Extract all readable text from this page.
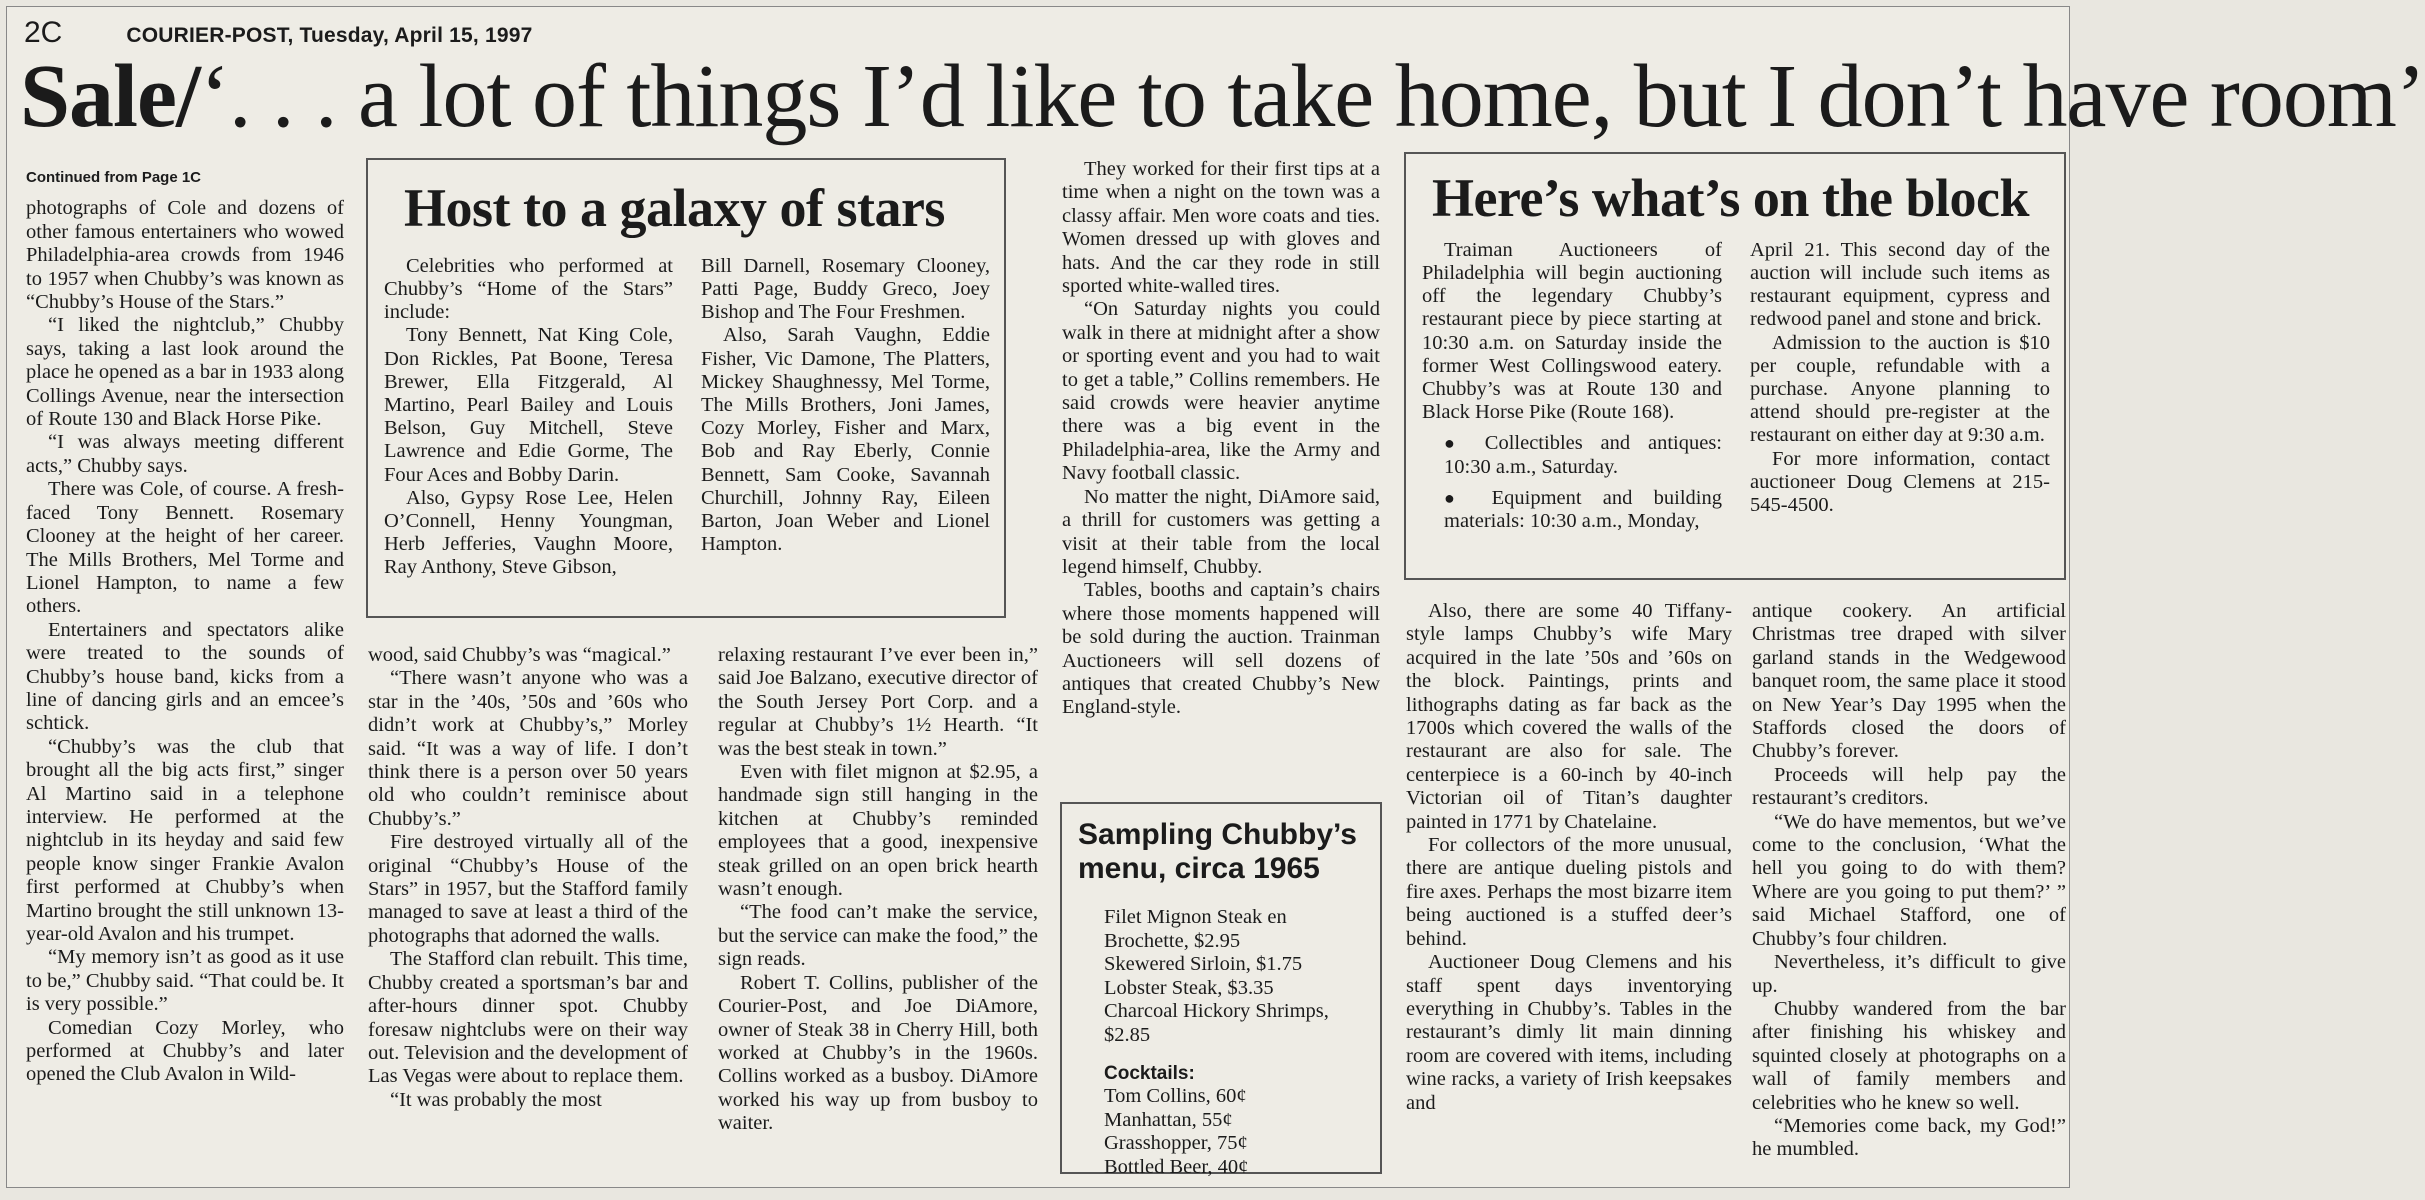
2C	COURIER-POST, Tuesday, April 15, 1997
Sale/‘. . . a lot of things I’d like to take home, but I don’t have room’
Continued from Page 1C

photographs of Cole and dozens of other famous entertainers who wowed Philadelphia-area crowds from 1946 to 1957 when Chubby’s was known as “Chubby’s House of the Stars.”

“I liked the nightclub,” Chubby says, taking a last look around the place he opened as a bar in 1933 along Collings Avenue, near the intersection of Route 130 and Black Horse Pike.

“I was always meeting different acts,” Chubby says.

There was Cole, of course. A fresh-faced Tony Bennett. Rosemary Clooney at the height of her career. The Mills Brothers, Mel Torme and Lionel Hampton, to name a few others.

Entertainers and spectators alike were treated to the sounds of Chubby’s house band, kicks from a line of dancing girls and an emcee’s schtick.

“Chubby’s was the club that brought all the big acts first,” singer Al Martino said in a telephone interview. He performed at the nightclub in its heyday and said few people know singer Frankie Avalon first performed at Chubby’s when Martino brought the still unknown 13-year-old Avalon and his trumpet.

“My memory isn’t as good as it use to be,” Chubby said. “That could be. It is very possible.”

Comedian Cozy Morley, who performed at Chubby’s and later opened the Club Avalon in Wild-

Host to a galaxy of stars

Celebrities who performed at Chubby’s “Home of the Stars” include:

Tony Bennett, Nat King Cole, Don Rickles, Pat Boone, Teresa Brewer, Ella Fitzgerald, Al Martino, Pearl Bailey and Louis Belson, Guy Mitchell, Steve Lawrence and Edie Gorme, The Four Aces and Bobby Darin.

Also, Gypsy Rose Lee, Helen O’Connell, Henny Youngman, Herb Jefferies, Vaughn Moore, Ray Anthony, Steve Gibson,

Bill Darnell, Rosemary Clooney, Patti Page, Buddy Greco, Joey Bishop and The Four Freshmen.

Also, Sarah Vaughn, Eddie Fisher, Vic Damone, The Platters, Mickey Shaughnessy, Mel Torme, The Mills Brothers, Joni James, Cozy Morley, Fisher and Marx, Bob and Ray Eberly, Connie Bennett, Sam Cooke, Savannah Churchill, Johnny Ray, Eileen Barton, Joan Weber and Lionel Hampton.

wood, said Chubby’s was “magical.”

“There wasn’t anyone who was a star in the ’40s, ’50s and ’60s who didn’t work at Chubby’s,” Morley said. “It was a way of life. I don’t think there is a person over 50 years old who couldn’t reminisce about Chubby’s.”

Fire destroyed virtually all of the original “Chubby’s House of the Stars” in 1957, but the Stafford family managed to save at least a third of the photographs that adorned the walls.

The Stafford clan rebuilt. This time, Chubby created a sportsman’s bar and after-hours dinner spot. Chubby foresaw nightclubs were on their way out. Television and the development of Las Vegas were about to replace them.

“It was probably the most

relaxing restaurant I’ve ever been in,” said Joe Balzano, executive director of the South Jersey Port Corp. and a regular at Chubby’s 1½ Hearth. “It was the best steak in town.”

Even with filet mignon at $2.95, a handmade sign still hanging in the kitchen at Chubby’s reminded employees that a good, inexpensive steak grilled on an open brick hearth wasn’t enough.

“The food can’t make the service, but the service can make the food,” the sign reads.

Robert T. Collins, publisher of the Courier-Post, and Joe DiAmore, owner of Steak 38 in Cherry Hill, both worked at Chubby’s in the 1960s. Collins worked as a busboy. DiAmore worked his way up from busboy to waiter.

They worked for their first tips at a time when a night on the town was a classy affair. Men wore coats and ties. Women dressed up with gloves and hats. And the car they rode in still sported white-walled tires.

“On Saturday nights you could walk in there at midnight after a show or sporting event and you had to wait to get a table,” Collins remembers. He said crowds were heavier anytime there was a big event in the Philadelphia-area, like the Army and Navy football classic.

No matter the night, DiAmore said, a thrill for customers was getting a visit at their table from the local legend himself, Chubby.

Tables, booths and captain’s chairs where those moments happened will be sold during the auction. Trainman Auctioneers will sell dozens of antiques that created Chubby’s New England-style.

Sampling Chubby’s menu, circa 1965
Filet Mignon Steak en Brochette, $2.95
Skewered Sirloin, $1.75
Lobster Steak, $3.35
Charcoal Hickory Shrimps, $2.85
Cocktails:
Tom Collins, 60¢
Manhattan, 55¢
Grasshopper, 75¢
Bottled Beer, 40¢
Here’s what’s on the block

Traiman Auctioneers of Philadelphia will begin auctioning off the legendary Chubby’s restaurant piece by piece starting at 10:30 a.m. on Saturday inside the former West Collingswood eatery. Chubby’s was at Route 130 and Black Horse Pike (Route 168).

● Collectibles and antiques: 10:30 a.m., Saturday.

● Equipment and building materials: 10:30 a.m., Monday,

April 21. This second day of the auction will include such items as restaurant equipment, cypress and redwood panel and stone and brick.

Admission to the auction is $10 per couple, refundable with a purchase. Anyone planning to attend should pre-register at the restaurant on either day at 9:30 a.m.

For more information, contact auctioneer Doug Clemens at 215-545-4500.

Also, there are some 40 Tiffany-style lamps Chubby’s wife Mary acquired in the late ’50s and ’60s on the block. Paintings, prints and lithographs dating as far back as the 1700s which covered the walls of the restaurant are also for sale. The centerpiece is a 60-inch by 40-inch Victorian oil of Titan’s daughter painted in 1771 by Chatelaine.

For collectors of the more unusual, there are antique dueling pistols and fire axes. Perhaps the most bizarre item being auctioned is a stuffed deer’s behind.

Auctioneer Doug Clemens and his staff spent days inventorying everything in Chubby’s. Tables in the restaurant’s dimly lit main dinning room are covered with items, including wine racks, a variety of Irish keepsakes and

antique cookery. An artificial Christmas tree draped with silver garland stands in the Wedgewood banquet room, the same place it stood on New Year’s Day 1995 when the Staffords closed the doors of Chubby’s forever.

Proceeds will help pay the restaurant’s creditors.

“We do have mementos, but we’ve come to the conclusion, ‘What the hell you going to do with them? Where are you going to put them?’ ” said Michael Stafford, one of Chubby’s four children.

Nevertheless, it’s difficult to give up.

Chubby wandered from the bar after finishing his whiskey and squinted closely at photographs on a wall of family members and celebrities who he knew so well.

“Memories come back, my God!” he mumbled.
